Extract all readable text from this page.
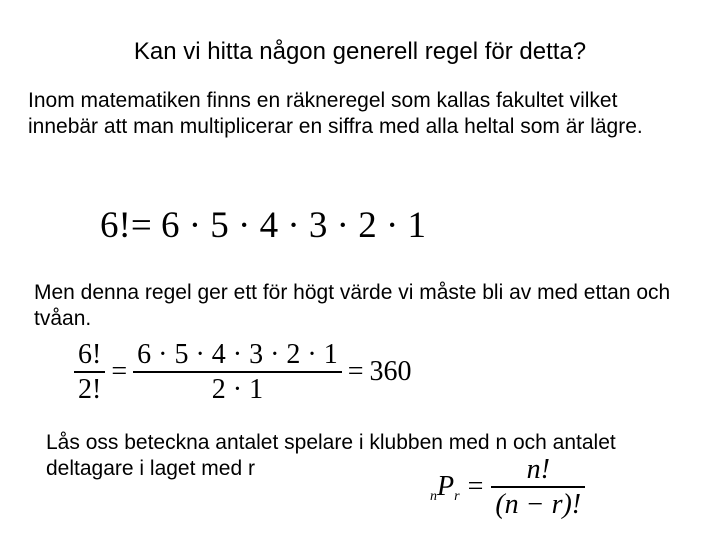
Kan vi hitta någon generell regel för detta?
Inom matematiken finns en räkneregel som kallas fakultet vilket innebär att man multiplicerar en siffra med alla heltal som är lägre.
6!= 6 · 5 · 4 · 3 · 2 · 1
Men denna regel ger ett för högt värde vi måste bli av med ettan och tvåan.
$\frac{6!}{2!} = \frac{6 \cdot 5 \cdot 4 \cdot 3 \cdot 2 \cdot 1}{2 \cdot 1} = 360$
Lås oss beteckna antalet spelare i klubben med n och antalet deltagare i laget med r
n P $r = \frac{n!}{(n - r)!}$
